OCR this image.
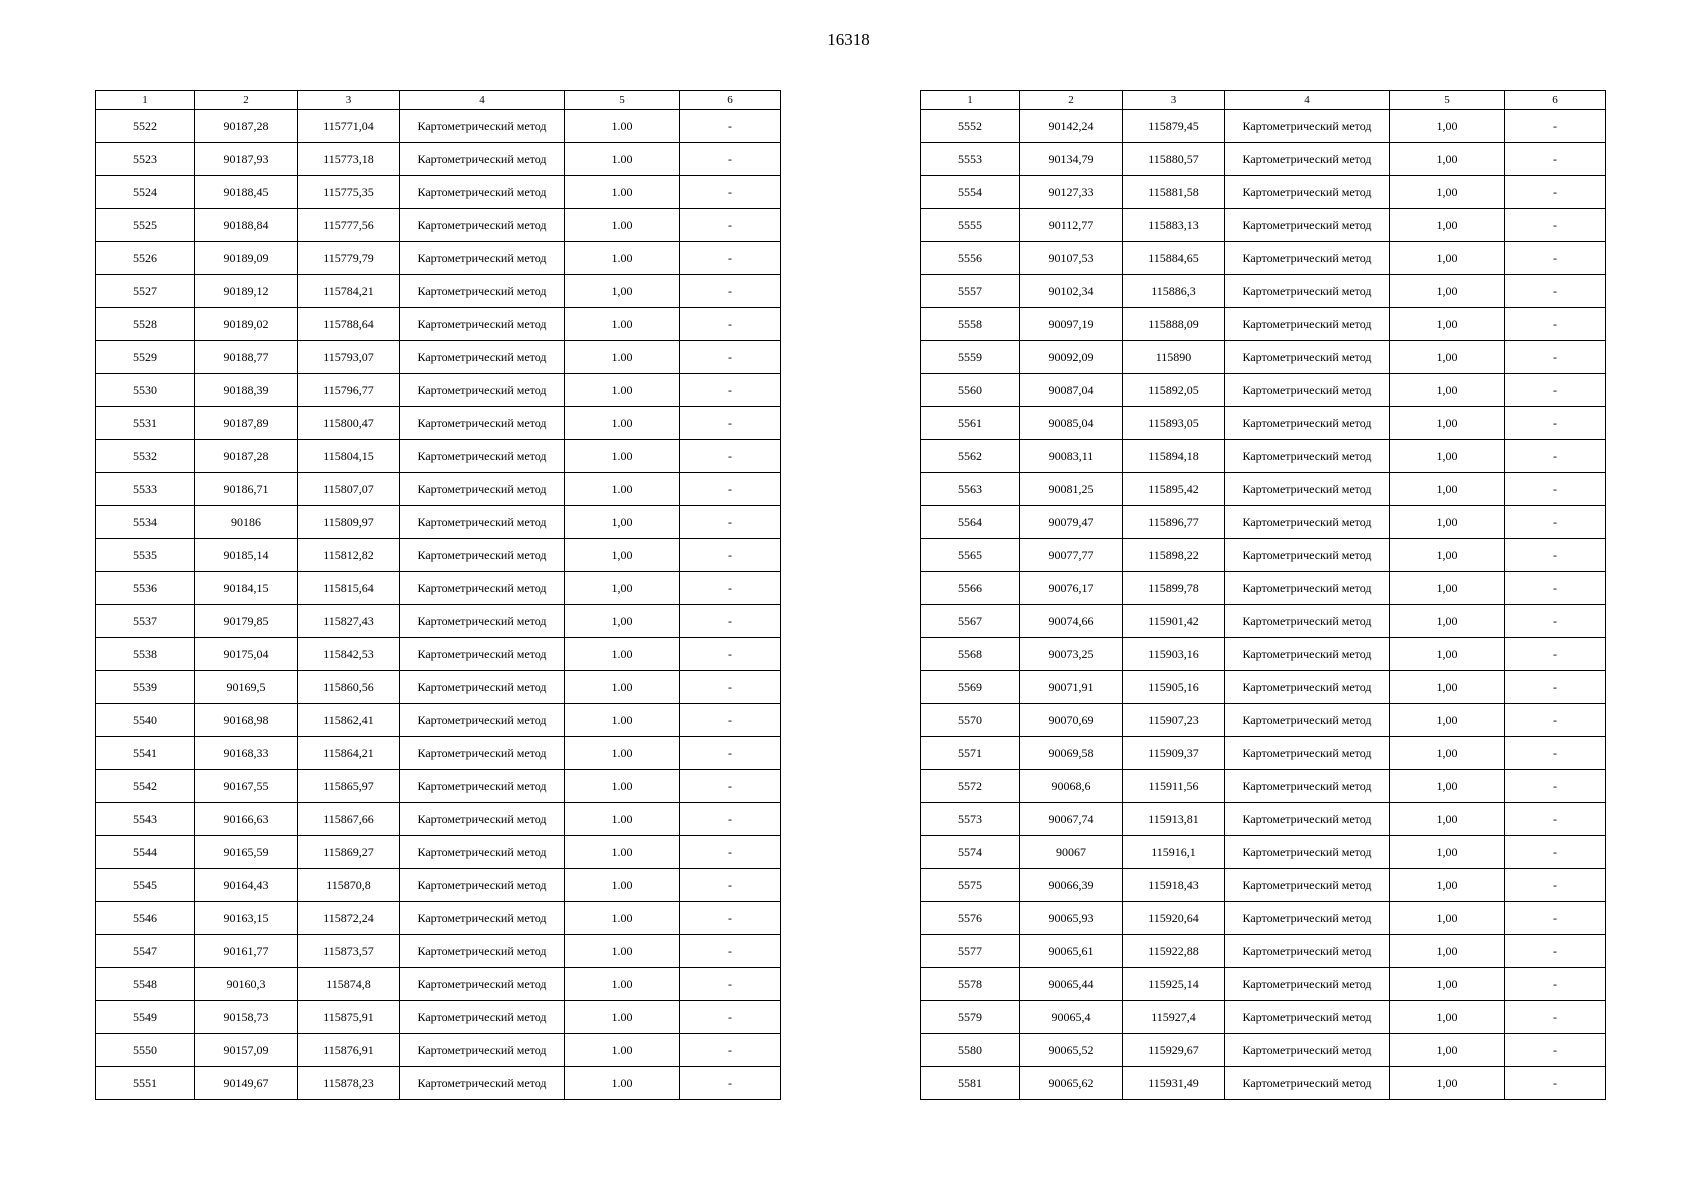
16318
1	2	3	4	5	6
5522	90187,28	115771,04	Картометрический метод	1.00	-
5523	90187,93	115773,18	Картометрический метод	1.00	-
5524	90188,45	115775,35	Картометрический метод	1.00	-
5525	90188,84	115777,56	Картометрический метод	1.00	-
5526	90189,09	115779,79	Картометрический метод	1.00	-
5527	90189,12	115784,21	Картометрический метод	1,00	-
5528	90189,02	115788,64	Картометрический метод	1.00	-
5529	90188,77	115793,07	Картометрический метод	1.00	-
5530	90188,39	115796,77	Картометрический метод	1.00	-
5531	90187,89	115800,47	Картометрический метод	1.00	-
5532	90187,28	115804,15	Картометрический метод	1.00	-
5533	90186,71	115807,07	Картометрический метод	1.00	-
5534	90186	115809,97	Картометрический метод	1,00	-
5535	90185,14	115812,82	Картометрический метод	1,00	-
5536	90184,15	115815,64	Картометрический метод	1,00	-
5537	90179,85	115827,43	Картометрический метод	1,00	-
5538	90175,04	115842,53	Картометрический метод	1.00	-
5539	90169,5	115860,56	Картометрический метод	1.00	-
5540	90168,98	115862,41	Картометрический метод	1.00	-
5541	90168,33	115864,21	Картометрический метод	1.00	-
5542	90167,55	115865,97	Картометрический метод	1.00	-
5543	90166,63	115867,66	Картометрический метод	1.00	-
5544	90165,59	115869,27	Картометрический метод	1.00	-
5545	90164,43	115870,8	Картометрический метод	1.00	-
5546	90163,15	115872,24	Картометрический метод	1.00	-
5547	90161,77	115873,57	Картометрический метод	1.00	-
5548	90160,3	115874,8	Картометрический метод	1.00	-
5549	90158,73	115875,91	Картометрический метод	1.00	-
5550	90157,09	115876,91	Картометрический метод	1.00	-
5551	90149,67	115878,23	Картометрический метод	1.00	-
1	2	3	4	5	6
5552	90142,24	115879,45	Картометрический метод	1,00	-
5553	90134,79	115880,57	Картометрический метод	1,00	-
5554	90127,33	115881,58	Картометрический метод	1,00	-
5555	90112,77	115883,13	Картометрический метод	1,00	-
5556	90107,53	115884,65	Картометрический метод	1,00	-
5557	90102,34	115886,3	Картометрический метод	1,00	-
5558	90097,19	115888,09	Картометрический метод	1,00	-
5559	90092,09	115890	Картометрический метод	1,00	-
5560	90087,04	115892,05	Картометрический метод	1,00	-
5561	90085,04	115893,05	Картометрический метод	1,00	-
5562	90083,11	115894,18	Картометрический метод	1,00	-
5563	90081,25	115895,42	Картометрический метод	1,00	-
5564	90079,47	115896,77	Картометрический метод	1,00	-
5565	90077,77	115898,22	Картометрический метод	1,00	-
5566	90076,17	115899,78	Картометрический метод	1,00	-
5567	90074,66	115901,42	Картометрический метод	1,00	-
5568	90073,25	115903,16	Картометрический метод	1,00	-
5569	90071,91	115905,16	Картометрический метод	1,00	-
5570	90070,69	115907,23	Картометрический метод	1,00	-
5571	90069,58	115909,37	Картометрический метод	1,00	-
5572	90068,6	115911,56	Картометрический метод	1,00	-
5573	90067,74	115913,81	Картометрический метод	1,00	-
5574	90067	115916,1	Картометрический метод	1,00	-
5575	90066,39	115918,43	Картометрический метод	1,00	-
5576	90065,93	115920,64	Картометрический метод	1,00	-
5577	90065,61	115922,88	Картометрический метод	1,00	-
5578	90065,44	115925,14	Картометрический метод	1,00	-
5579	90065,4	115927,4	Картометрический метод	1,00	-
5580	90065,52	115929,67	Картометрический метод	1,00	-
5581	90065,62	115931,49	Картометрический метод	1,00	-
